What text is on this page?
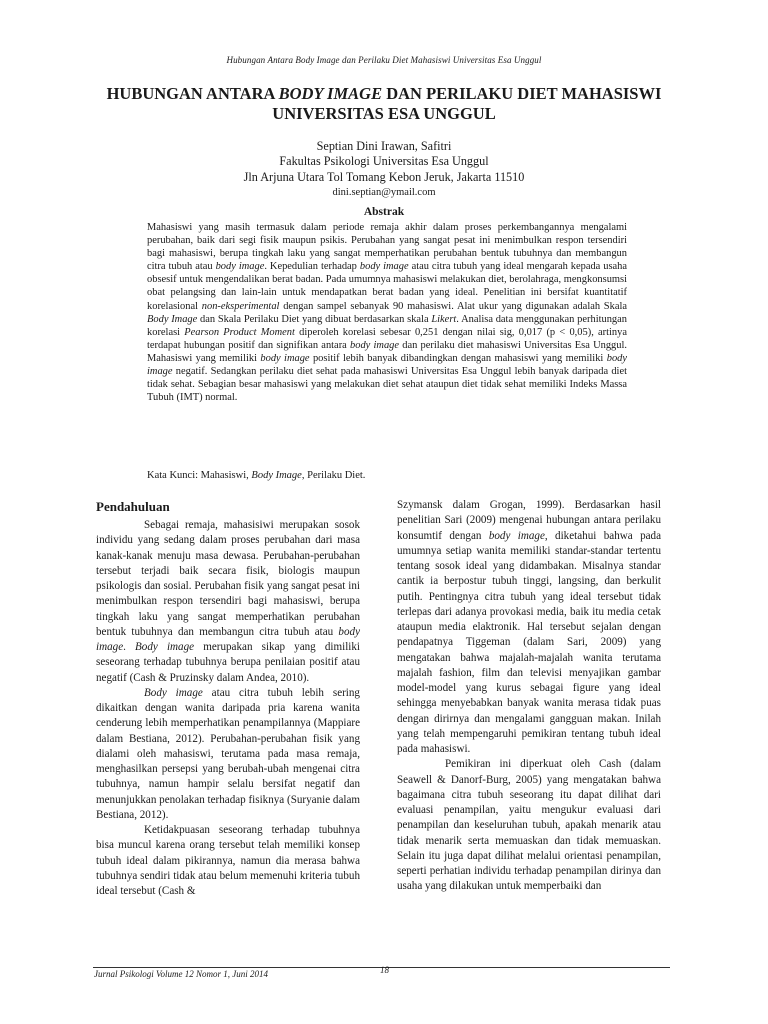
Hubungan Antara Body Image dan Perilaku Diet Mahasiswi Universitas Esa Unggul
HUBUNGAN ANTARA BODY IMAGE DAN PERILAKU DIET MAHASISWI
UNIVERSITAS ESA UNGGUL
Septian Dini Irawan, Safitri
Fakultas Psikologi Universitas Esa Unggul
Jln Arjuna Utara Tol Tomang Kebon Jeruk, Jakarta 11510
dini.septian@ymail.com
Abstrak
Mahasiswi yang masih termasuk dalam periode remaja akhir dalam proses perkembangannya mengalami perubahan, baik dari segi fisik maupun psikis. Perubahan yang sangat pesat ini menimbulkan respon tersendiri bagi mahasiswi, berupa tingkah laku yang sangat memperhatikan perubahan bentuk tubuhnya dan membangun citra tubuh atau body image. Kepedulian terhadap body image atau citra tubuh yang ideal mengarah kepada usaha obsesif untuk mengendalikan berat badan. Pada umumnya mahasiswi melakukan diet, berolahraga, mengkonsumsi obat pelangsing dan lain-lain untuk mendapatkan berat badan yang ideal. Penelitian ini bersifat kuantitatif korelasional non-eksperimental dengan sampel sebanyak 90 mahasiswi. Alat ukur yang digunakan adalah Skala Body Image dan Skala Perilaku Diet yang dibuat berdasarkan skala Likert. Analisa data menggunakan perhitungan korelasi Pearson Product Moment diperoleh korelasi sebesar 0,251 dengan nilai sig, 0,017 (p < 0,05), artinya terdapat hubungan positif dan signifikan antara body image dan perilaku diet mahasiswi Universitas Esa Unggul. Mahasiswi yang memiliki body image positif lebih banyak dibandingkan dengan mahasiswi yang memiliki body image negatif. Sedangkan perilaku diet sehat pada mahasiswi Universitas Esa Unggul lebih banyak daripada diet tidak sehat. Sebagian besar mahasiswi yang melakukan diet sehat ataupun diet tidak sehat memiliki Indeks Massa Tubuh (IMT) normal.
Kata Kunci: Mahasiswi, Body Image, Perilaku Diet.
Pendahuluan

Sebagai remaja, mahasisiwi merupakan sosok individu yang sedang dalam proses perubahan dari masa kanak-kanak menuju masa dewasa. Perubahan-perubahan tersebut terjadi baik secara fisik, biologis maupun psikologis dan sosial. Perubahan fisik yang sangat pesat ini menimbulkan respon tersendiri bagi mahasiswi, berupa tingkah laku yang sangat memperhatikan perubahan bentuk tubuhnya dan membangun citra tubuh atau body image. Body image merupakan sikap yang dimiliki seseorang terhadap tubuhnya berupa penilaian positif atau negatif (Cash & Pruzinsky dalam Andea, 2010).

Body image atau citra tubuh lebih sering dikaitkan dengan wanita daripada pria karena wanita cenderung lebih memperhatikan penampilannya (Mappiare dalam Bestiana, 2012). Perubahan-perubahan fisik yang dialami oleh mahasiswi, terutama pada masa remaja, menghasilkan persepsi yang berubah-ubah mengenai citra tubuhnya, namun hampir selalu bersifat negatif dan menunjukkan penolakan terhadap fisiknya (Suryanie dalam Bestiana, 2012).

Ketidakpuasan seseorang terhadap tubuhnya bisa muncul karena orang tersebut telah memiliki konsep tubuh ideal dalam pikirannya, namun dia merasa bahwa tubuhnya sendiri tidak atau belum memenuhi kriteria tubuh ideal tersebut (Cash &

Szymansk dalam Grogan, 1999). Berdasarkan hasil penelitian Sari (2009) mengenai hubungan antara perilaku konsumtif dengan body image, diketahui bahwa pada umumnya setiap wanita memiliki standar-standar tertentu tentang sosok ideal yang didambakan. Misalnya standar cantik ia berpostur tubuh tinggi, langsing, dan berkulit putih. Pentingnya citra tubuh yang ideal tersebut tidak terlepas dari adanya provokasi media, baik itu media cetak ataupun media elaktronik. Hal tersebut sejalan dengan pendapatnya Tiggeman (dalam Sari, 2009) yang mengatakan bahwa majalah-majalah wanita terutama majalah fashion, film dan televisi menyajikan gambar model-model yang kurus sebagai figure yang ideal sehingga menyebabkan banyak wanita merasa tidak puas dengan dirirnya dan mengalami gangguan makan. Inilah yang telah mempengaruhi pemikiran tentang tubuh ideal pada mahasiswi.

Pemikiran ini diperkuat oleh Cash (dalam Seawell & Danorf-Burg, 2005) yang mengatakan bahwa bagaimana citra tubuh seseorang itu dapat dilihat dari evaluasi penampilan, yaitu mengukur evaluasi dari penampilan dan keseluruhan tubuh, apakah menarik atau tidak menarik serta memuaskan dan tidak memuaskan. Selain itu juga dapat dilihat melalui orientasi penampilan, seperti perhatian individu terhadap penampilan dirinya dan usaha yang dilakukan untuk memperbaiki dan

Jurnal Psikologi Volume 12 Nomor 1, Juni 2014	18
